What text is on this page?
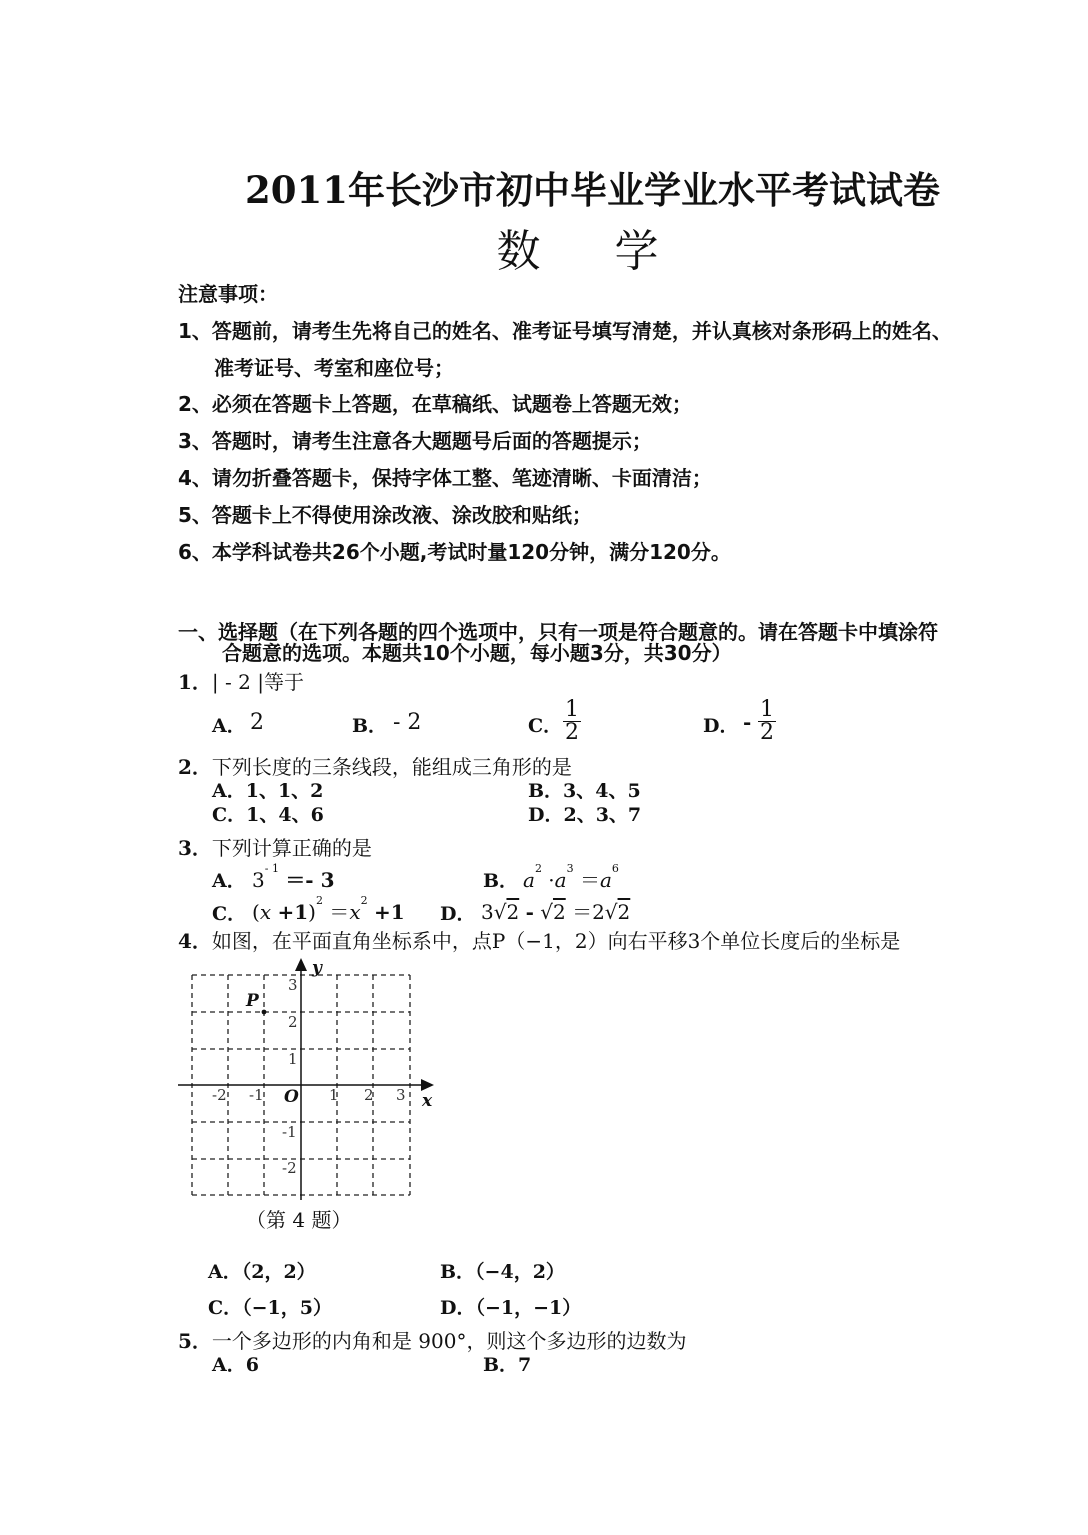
2011年长沙市初中毕业学业水平考试试卷
数 学
注意事项：
1、答题前，请考生先将自己的姓名、准考证号填写清楚，并认真核对条形码上的姓名、
准考证号、考室和座位号；
2、必须在答题卡上答题，在草稿纸、试题卷上答题无效；
3、答题时，请考生注意各大题题号后面的答题提示；
4、请勿折叠答题卡，保持字体工整、笔迹清晰、卡面清洁；
5、答题卡上不得使用涂改液、涂改胶和贴纸；
6、本学科试卷共26个小题,考试时量120分钟，满分120分。
一、选择题（在下列各题的四个选项中，只有一项是符合题意的。请在答题卡中填涂符
合题意的选项。本题共10个小题，每小题3分，共30分）
1．| - 2 |等于
A． 2	B． - 2	C． $\frac{1}{2}$	D． - $\frac{1}{2}$
2．下列长度的三条线段，能组成三角形的是
A．1、1、2	B．3、4、5
C．1、4、6	D．2、3、7
3．下列计算正确的是
A． $3^{- 1} =- 3$	B． $a^2 \cdot a^3 =a^6$
C． $(x +1)^2 =x^2 +1$ D． 3√2 - √2 ＝2√2
4．如图，在平面直角坐标系中，点P（−1，2）向右平移3个单位长度后的坐标是
-2 -1	1 2 3
3
2
1
-1
-2
y
x
O
P
（第 4 题）
A．（2，2）	B．（−4，2）
C．（−1，5）	D．（−1，−1）
5．一个多边形的内角和是 900°，则这个多边形的边数为
A．6	B．7
